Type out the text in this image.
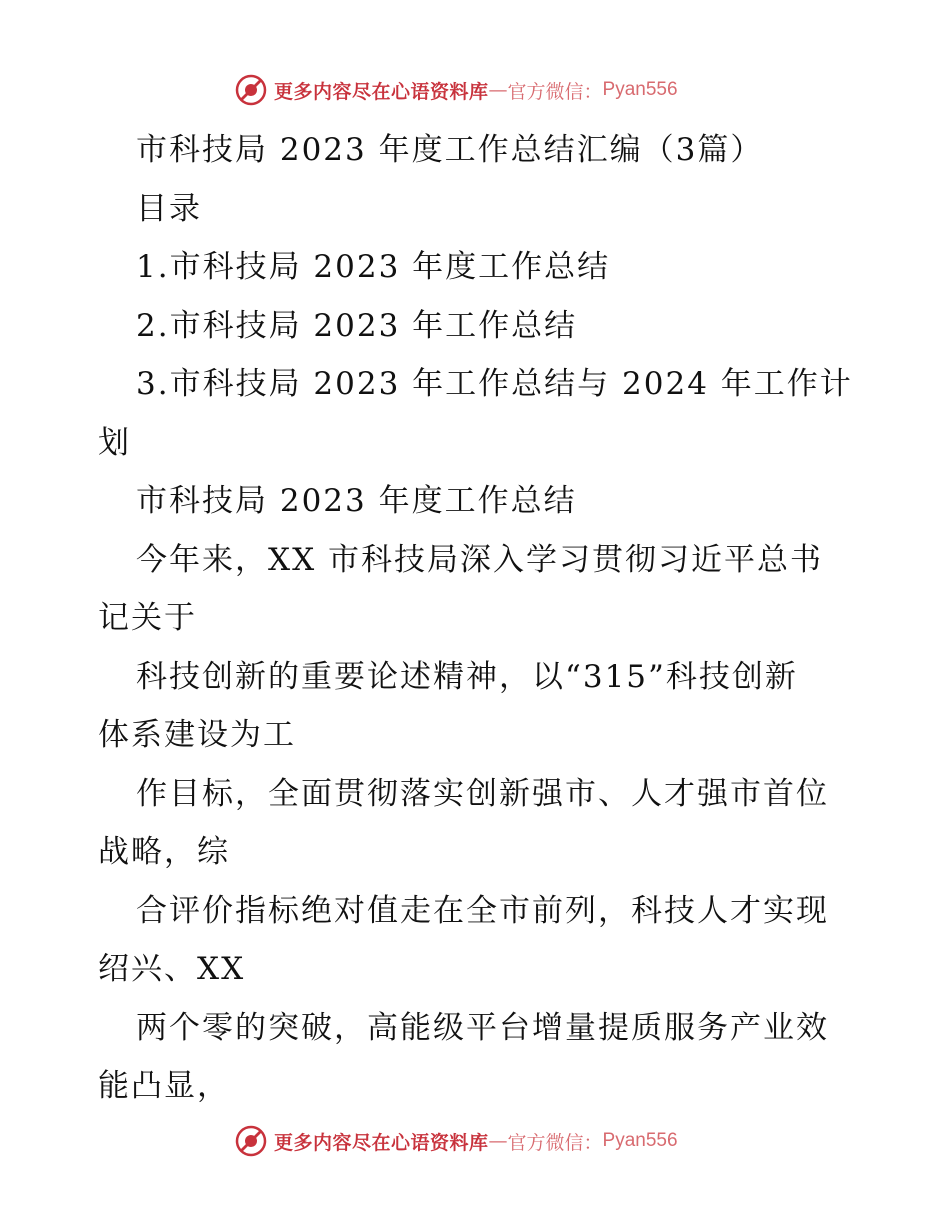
更多内容尽在心语资料库 — 官方微信： Pyan556
市科技局 2023 年度工作总结汇编（3篇）
目录
1.市科技局 2023 年度工作总结
2.市科技局 2023 年工作总结
3.市科技局 2023 年工作总结与 2024 年工作计
划
市科技局 2023 年度工作总结
今年来，XX 市科技局深入学习贯彻习近平总书
记关于
科技创新的重要论述精神，以“315”科技创新
体系建设为工
作目标，全面贯彻落实创新强市、人才强市首位
战略，综
合评价指标绝对值走在全市前列，科技人才实现
绍兴、XX
两个零的突破，高能级平台增量提质服务产业效
能凸显，
更多内容尽在心语资料库 — 官方微信： Pyan556
